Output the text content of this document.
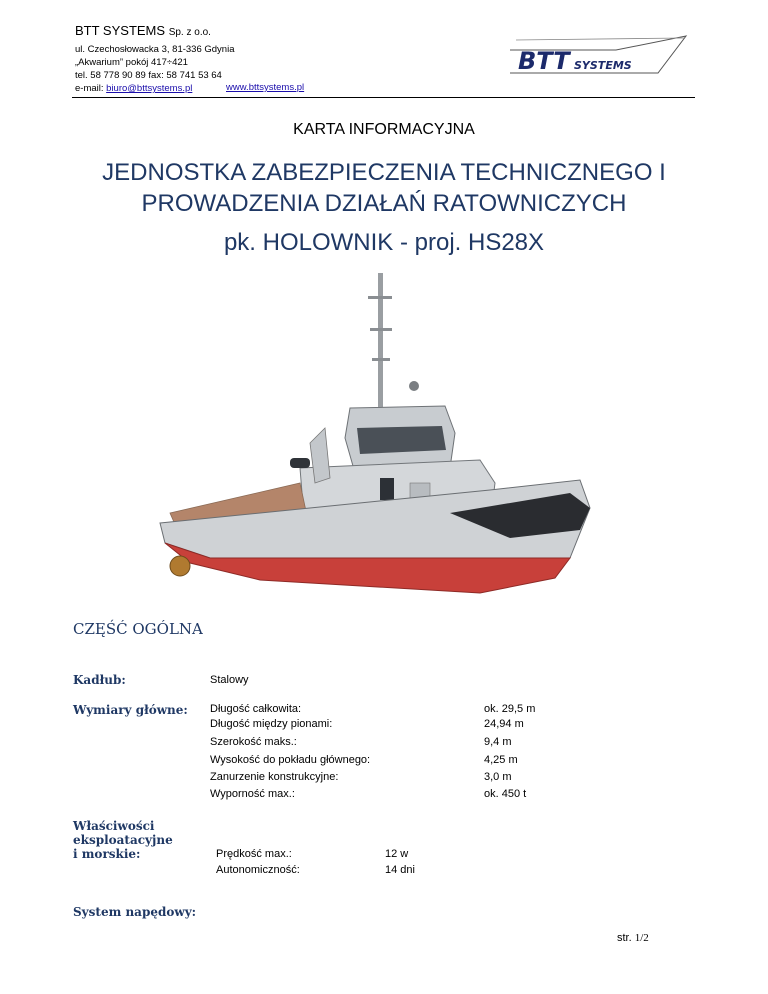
BTT SYSTEMS Sp. z o.o.
ul. Czechosłowacka 3, 81-336 Gdynia
„Akwarium” pokój 417÷421
tel. 58 778 90 89 fax: 58 741 53 64
e-mail: biuro@bttsystems.pl	www.bttsystems.pl
BTT SYSTEMS
KARTA INFORMACYJNA
JEDNOSTKA ZABEZPIECZENIA TECHNICZNEGO I
PROWADZENIA DZIAŁAŃ RATOWNICZYCH
pk. HOLOWNIK - proj. HS28X
CZĘŚĆ OGÓLNA
Kadłub:	Stalowy
Wymiary główne: Długość całkowita:	ok. 29,5 m
Długość między pionami:	24,94 m
Szerokość maks.:	9,4 m
Wysokość do pokładu głównego:	4,25 m
Zanurzenie konstrukcyjne:	3,0 m
Wyporność max.:	ok. 450 t
Właściwości
eksploatacyjne
i morskie:	Prędkość max.:	12 w
Autonomiczność:	14 dni
System napędowy:
str. 1/2
